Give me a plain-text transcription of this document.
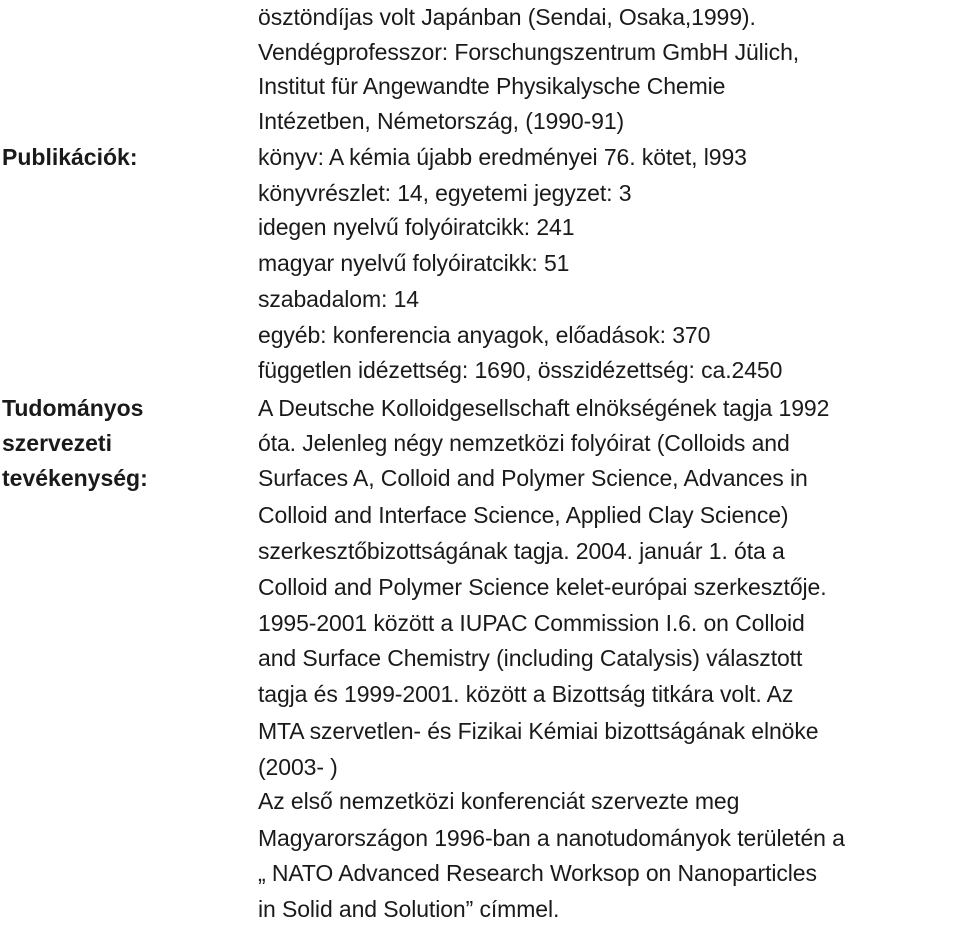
ösztöndíjas volt Japánban (Sendai, Osaka,1999).
Vendégprofesszor: Forschungszentrum GmbH Jülich,
Institut für Angewandte Physikalysche Chemie
Intézetben, Németország, (1990-91)
Publikációk:	könyv: A kémia újabb eredményei 76. kötet, l993
könyvrészlet: 14, egyetemi jegyzet: 3
idegen nyelvű folyóiratcikk: 241
magyar nyelvű folyóiratcikk: 51
szabadalom: 14
egyéb: konferencia anyagok, előadások: 370
független idézettség: 1690, összidézettség: ca.2450
Tudományos
szervezeti
tevékenység:
A Deutsche Kolloidgesellschaft elnökségének tagja 1992
óta. Jelenleg négy nemzetközi folyóirat (Colloids and
Surfaces A, Colloid and Polymer Science, Advances in
Colloid and Interface Science, Applied Clay Science)
szerkesztőbizottságának tagja. 2004. január 1. óta a
Colloid and Polymer Science kelet-európai szerkesztője.
1995-2001 között a IUPAC Commission I.6. on Colloid
and Surface Chemistry (including Catalysis) választott
tagja és 1999-2001. között a Bizottság titkára volt. Az
MTA szervetlen- és Fizikai Kémiai bizottságának elnöke
(2003- )
Az első nemzetközi konferenciát szervezte meg
Magyarországon 1996-ban a nanotudományok területén a
„ NATO Advanced Research Worksop on Nanoparticles
in Solid and Solution” címmel.
